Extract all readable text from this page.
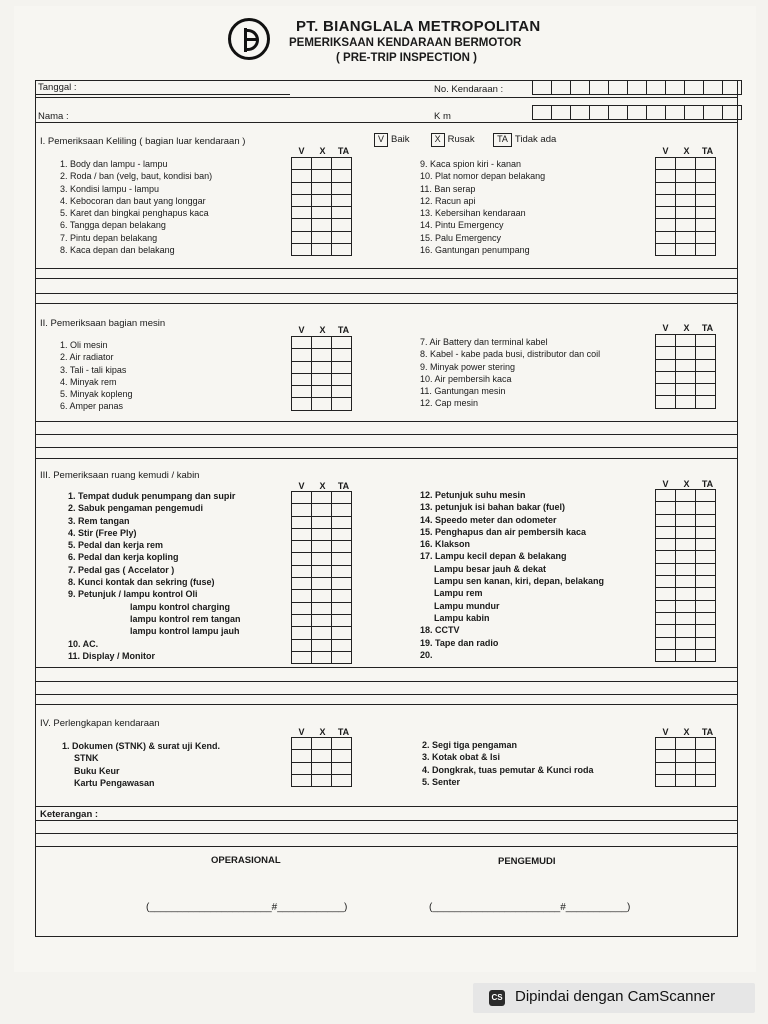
PT. BIANGLALA METROPOLITAN
PEMERIKSAAN KENDARAAN BERMOTOR
( PRE-TRIP INSPECTION )
Tanggal :	No. Kendaraan :

Nama :	K m

I. Pemeriksaan Keliling ( bagian luar kendaraan )	V Baik	X Rusak TA Tidak ada
V X TA	V X TA
1. Body dan lampu - lampu
2. Roda / ban (velg, baut, kondisi ban)
3. Kondisi lampu - lampu
4. Kebocoran dan baut yang longgar
5. Karet dan bingkai penghapus kaca
6. Tangga depan belakang
7. Pintu depan belakang
8. Kaca depan dan belakang
9. Kaca spion kiri - kanan
10. Plat nomor depan belakang
11. Ban serap
12. Racun api
13. Kebersihan kendaraan
14. Pintu Emergency
15. Palu Emergency
16. Gantungan penumpang

II. Pemeriksaan bagian mesin
V X TA	V X TA
1. Oli mesin
2. Air radiator
3. Tali - tali kipas
4. Minyak rem
5. Minyak kopleng
6. Amper panas
7. Air Battery dan terminal kabel
8. Kabel - kabe pada busi, distributor dan coil
9. Minyak power stering
10. Air pembersih kaca
11. Gantungan mesin
12. Cap mesin

III. Pemeriksaan ruang kemudi / kabin
V X TA	V X TA
1. Tempat duduk penumpang dan supir
2. Sabuk pengaman pengemudi
3. Rem tangan
4. Stir (Free Ply)
5. Pedal dan kerja rem
6. Pedal dan kerja kopling
7. Pedal gas ( Accelator )
8. Kunci kontak dan sekring (fuse)
9. Petunjuk / lampu kontrol Oli
lampu kontrol charging
lampu kontrol rem tangan
lampu kontrol lampu jauh
10. AC.
11. Display / Monitor
12. Petunjuk suhu mesin
13. petunjuk isi bahan bakar (fuel)
14. Speedo meter dan odometer
15. Penghapus dan air pembersih kaca
16. Klakson
17. Lampu kecil depan & belakang
Lampu besar jauh & dekat
Lampu sen kanan, kiri, depan, belakang
Lampu rem
Lampu mundur
Lampu kabin
18. CCTV
19. Tape dan radio
20.

IV. Perlengkapan kendaraan
V X TA	V X TA
1. Dokumen (STNK) & surat uji Kend.
STNK
Buku Keur
Kartu Pengawasan
2. Segi tiga pengaman
3. Kotak obat & Isi
4. Dongkrak, tuas pemutar & Kunci roda
5. Senter

Keterangan :
OPERASIONAL	PENGEMUDI
(______________________#____________)	(_______________________#___________)
CS Dipindai dengan CamScanner
